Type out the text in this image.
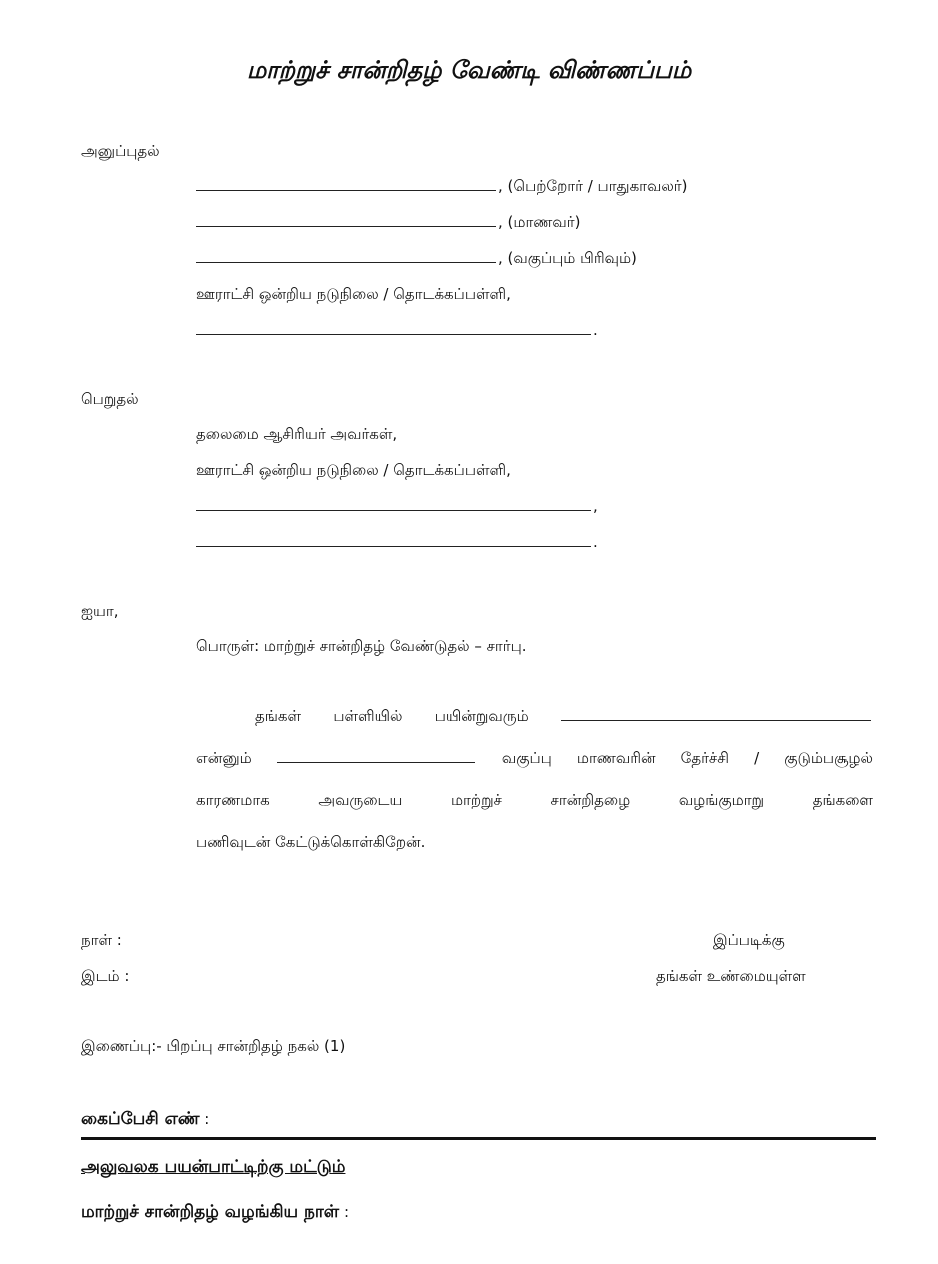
மாற்றுச் சான்றிதழ் வேண்டி விண்ணப்பம்
அனுப்புதல்
, (பெற்றோர் / பாதுகாவலர்)
, (மாணவர்)
, (வகுப்பும் பிரிவும்)
ஊராட்சி ஒன்றிய நடுநிலை / தொடக்கப்பள்ளி,
.
பெறுதல்
தலைமை ஆசிரியர் அவர்கள்,
ஊராட்சி ஒன்றிய நடுநிலை / தொடக்கப்பள்ளி,
,
.
ஐயா,
பொருள்: மாற்றுச் சான்றிதழ் வேண்டுதல் – சார்பு.
தங்கள் பள்ளியில் பயின்றுவரும்
என்னும்	வகுப்பு மாணவரின் தேர்ச்சி / குடும்பசூழல்
காரணமாக	அவருடைய	மாற்றுச்	சான்றிதழை	வழங்குமாறு	தங்களை
பணிவுடன் கேட்டுக்கொள்கிறேன்.
நாள் :	இப்படிக்கு
இடம் :	தங்கள் உண்மையுள்ள
இணைப்பு:- பிறப்பு சான்றிதழ் நகல் (1)
கைப்பேசி எண் :
அலுவலக பயன்பாட்டிற்கு மட்டும்
மாற்றுச் சான்றிதழ் வழங்கிய நாள் :
